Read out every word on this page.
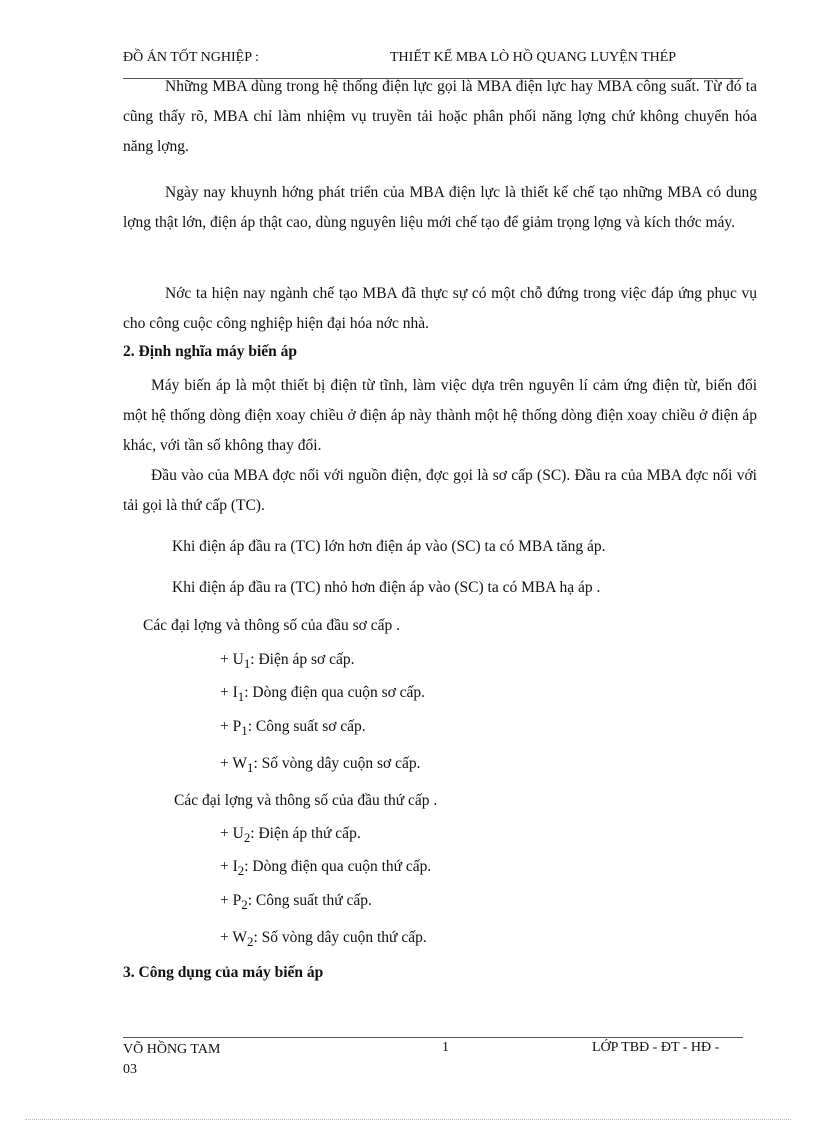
ĐỒ ÁN TỐT NGHIỆP :	THIẾT KẾ MBA LÒ HỒ QUANG LUYỆN THÉP

Những MBA dùng trong hệ thống điện lực gọi là MBA điện lực hay MBA công suất. Từ đó ta cũng thấy rõ, MBA chỉ làm nhiệm vụ truyền tải hoặc phân phối năng lợng chứ không chuyển hóa năng lợng.

Ngày nay khuynh hớng phát triển của MBA điện lực là thiết kế chế tạo những MBA có dung lợng thật lớn, điện áp thật cao, dùng nguyên liệu mới chế tạo để giảm trọng lợng và kích thớc máy.

Nớc ta hiện nay ngành chế tạo MBA đã thực sự có một chỗ đứng trong việc đáp ứng phục vụ cho công cuộc công nghiệp hiện đại hóa nớc nhà.

2. Định nghĩa máy biến áp

Máy biến áp là một thiết bị điện từ tĩnh, làm việc dựa trên nguyên lí cảm ứng điện từ, biến đổi một hệ thống dòng điện xoay chiều ở điện áp này thành một hệ thống dòng điện xoay chiều ở điện áp khác, với tần số không thay đổi.

Đầu vào của MBA đợc nối với nguồn điện, đợc gọi là sơ cấp (SC). Đầu ra của MBA đợc nối với tải gọi là thứ cấp (TC).

Khi điện áp đầu ra (TC) lớn hơn điện áp vào (SC) ta có MBA tăng áp.
Khi điện áp đầu ra (TC) nhỏ hơn điện áp vào (SC) ta có MBA hạ áp .
Các đại lợng và thông số của đầu sơ cấp .
+ $U_1$: Điện áp sơ cấp.
+ $I_1$: Dòng điện qua cuộn sơ cấp.
+ $P_1$: Công suất sơ cấp.
+ $W_1$: Số vòng dây cuộn sơ cấp.
Các đại lợng và thông số của đầu thứ cấp .
+ $U_2$: Điện áp thứ cấp.
+ $I_2$: Dòng điện qua cuộn thứ cấp.
+ $P_2$: Công suất thứ cấp.
+ $W_2$: Số vòng dây cuộn thứ cấp.
3. Công dụng của máy biến áp
VÕ HỒNG TAM
03
1	LỚP TBĐ - ĐT - HĐ -
